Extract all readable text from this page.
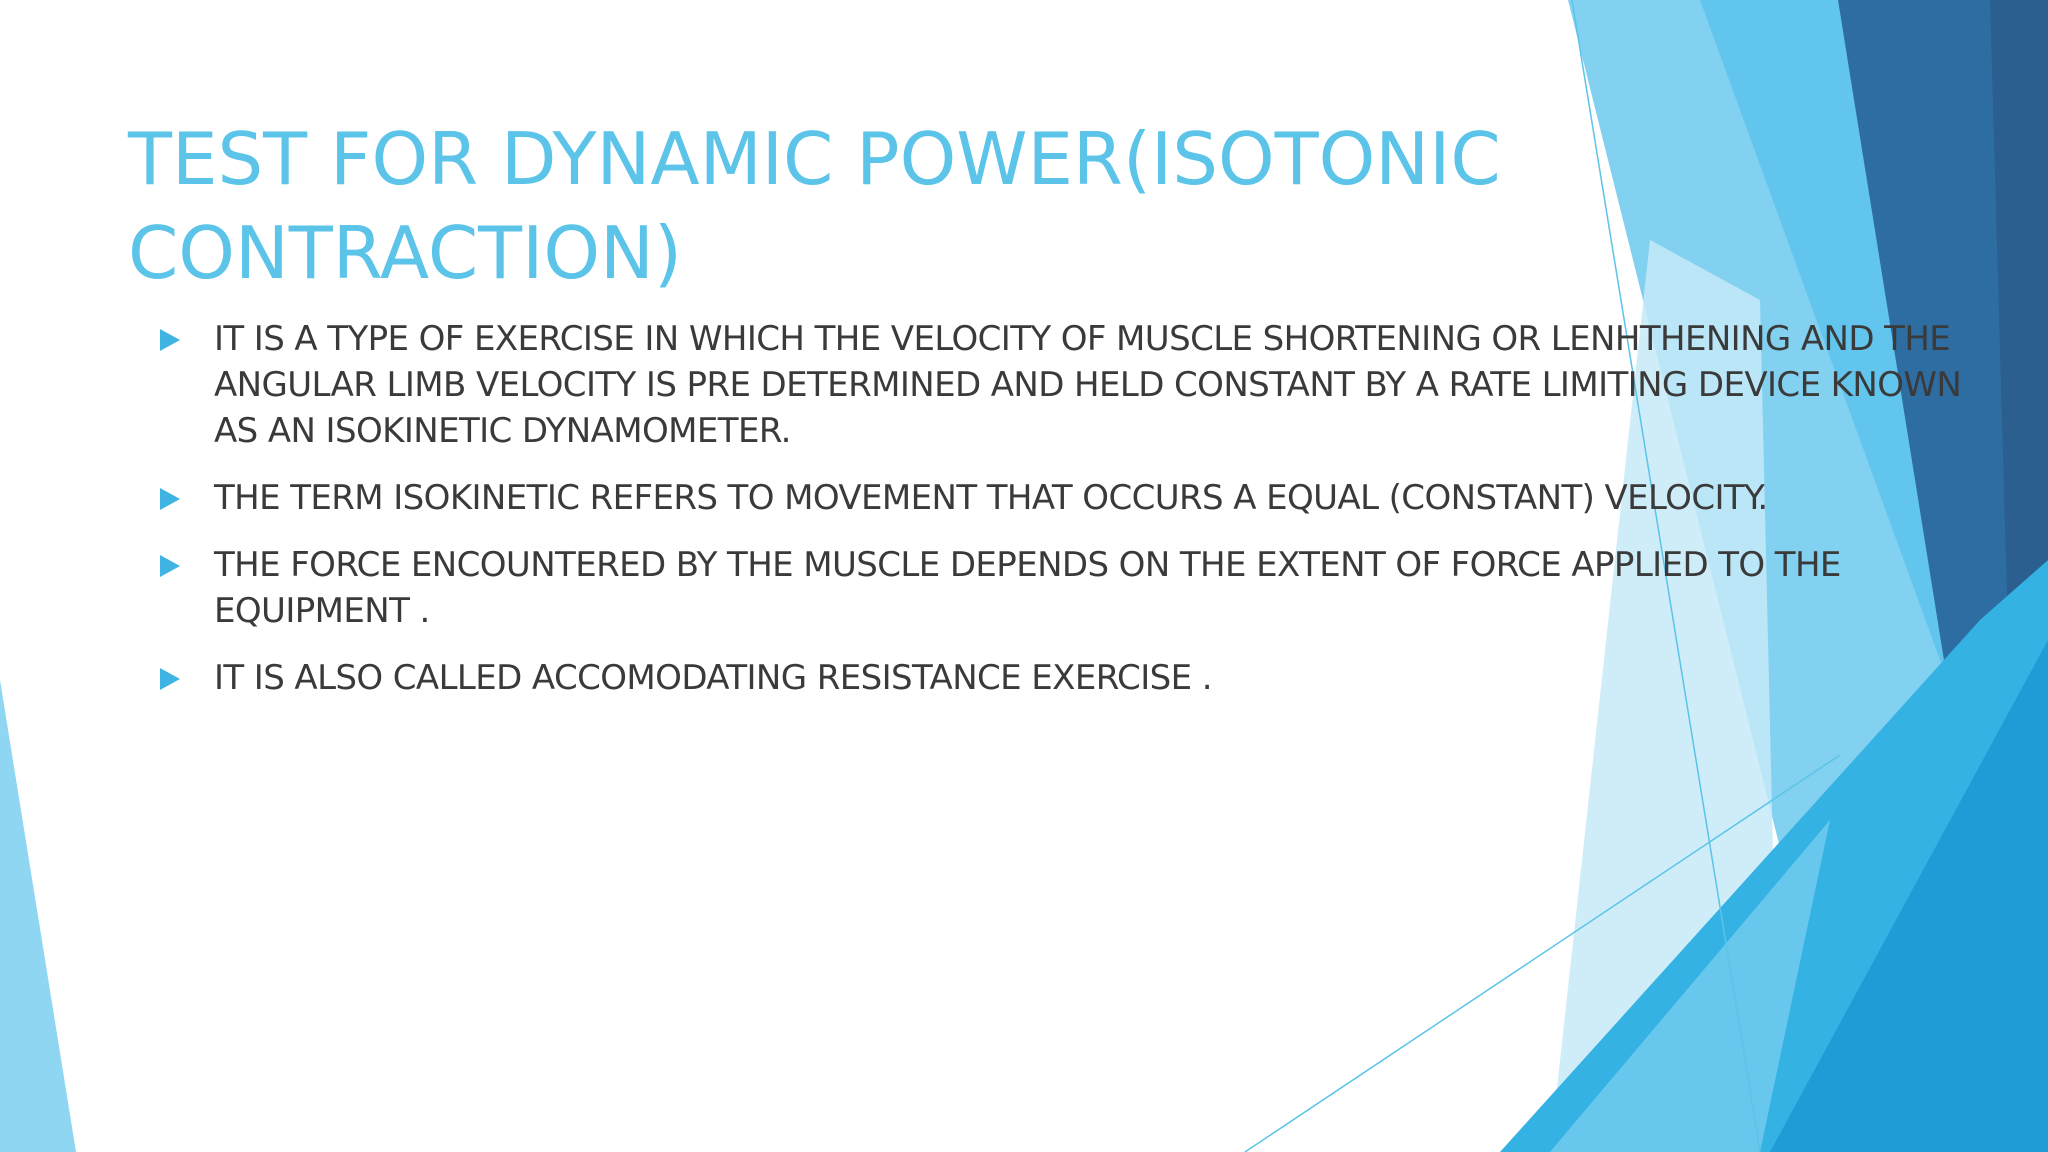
TEST FOR DYNAMIC POWER(ISOTONIC CONTRACTION)
IT IS A TYPE OF EXERCISE IN WHICH THE VELOCITY OF MUSCLE SHORTENING OR LENHTHENING AND THE ANGULAR LIMB VELOCITY IS PRE DETERMINED AND HELD CONSTANT BY A RATE LIMITING DEVICE KNOWN AS AN ISOKINETIC DYNAMOMETER.
THE TERM ISOKINETIC REFERS TO MOVEMENT THAT OCCURS A EQUAL (CONSTANT) VELOCITY.
THE FORCE ENCOUNTERED BY THE MUSCLE DEPENDS ON THE EXTENT OF FORCE APPLIED TO THE EQUIPMENT .
IT IS ALSO CALLED ACCOMODATING RESISTANCE EXERCISE .
